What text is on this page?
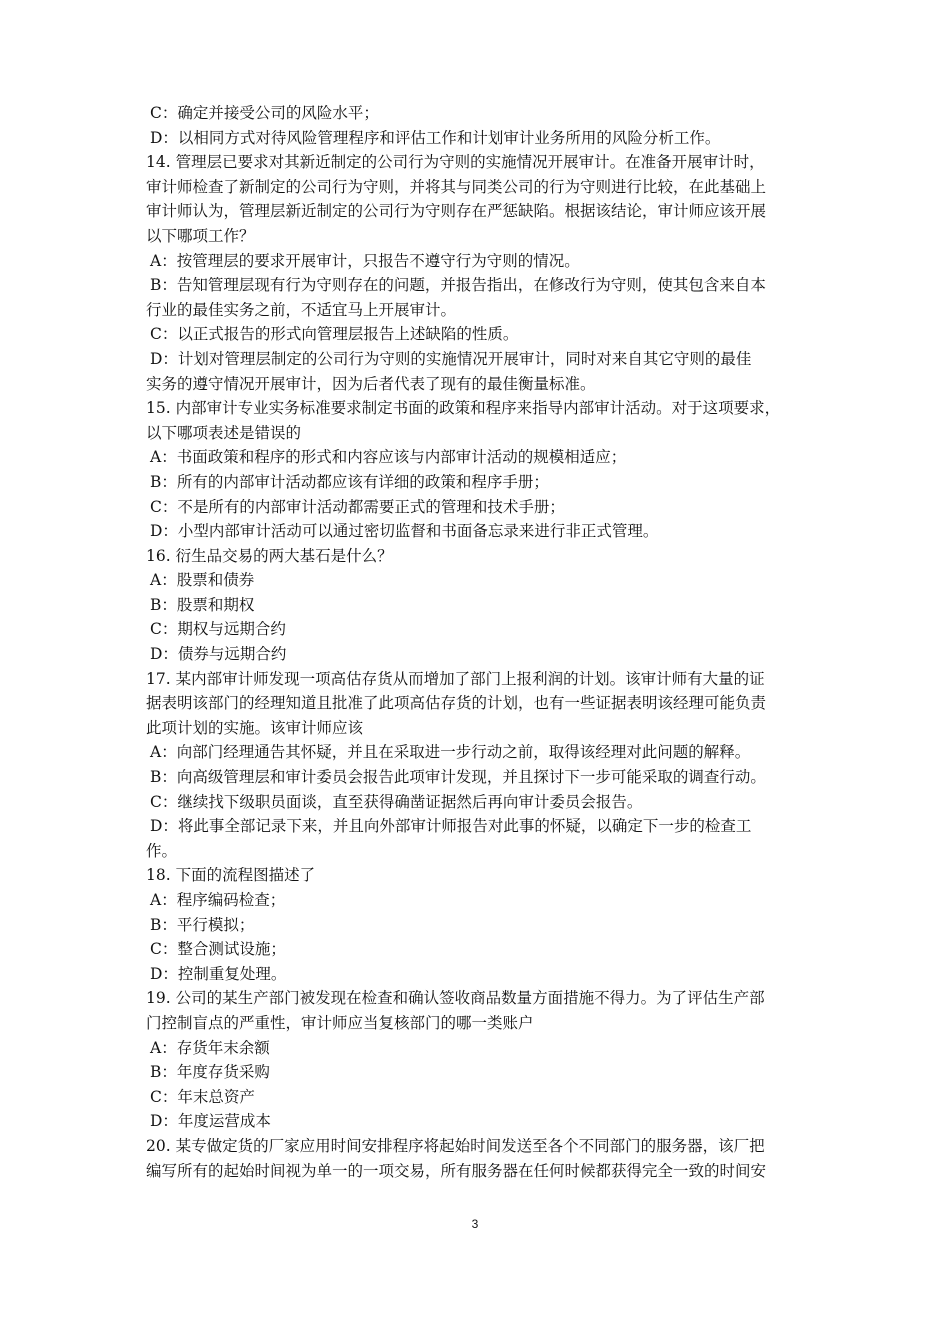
C：确定并接受公司的风险水平；
D：以相同方式对待风险管理程序和评估工作和计划审计业务所用的风险分析工作。
14. 管理层已要求对其新近制定的公司行为守则的实施情况开展审计。在准备开展审计时，
审计师检查了新制定的公司行为守则，并将其与同类公司的行为守则进行比较，在此基础上
审计师认为，管理层新近制定的公司行为守则存在严惩缺陷。根据该结论，审计师应该开展
以下哪项工作？
A：按管理层的要求开展审计，只报告不遵守行为守则的情况。
B：告知管理层现有行为守则存在的问题，并报告指出，在修改行为守则，使其包含来自本
行业的最佳实务之前，不适宜马上开展审计。
C：以正式报告的形式向管理层报告上述缺陷的性质。
D：计划对管理层制定的公司行为守则的实施情况开展审计，同时对来自其它守则的最佳
实务的遵守情况开展审计，因为后者代表了现有的最佳衡量标准。
15. 内部审计专业实务标准要求制定书面的政策和程序来指导内部审计活动。对于这项要求，
以下哪项表述是错误的
A：书面政策和程序的形式和内容应该与内部审计活动的规模相适应；
B：所有的内部审计活动都应该有详细的政策和程序手册；
C：不是所有的内部审计活动都需要正式的管理和技术手册；
D：小型内部审计活动可以通过密切监督和书面备忘录来进行非正式管理。
16. 衍生品交易的两大基石是什么？
A：股票和债券
B：股票和期权
C：期权与远期合约
D：债券与远期合约
17. 某内部审计师发现一项高估存货从而增加了部门上报利润的计划。该审计师有大量的证
据表明该部门的经理知道且批准了此项高估存货的计划，也有一些证据表明该经理可能负责
此项计划的实施。该审计师应该
A：向部门经理通告其怀疑，并且在采取进一步行动之前，取得该经理对此问题的解释。
B：向高级管理层和审计委员会报告此项审计发现，并且探讨下一步可能采取的调查行动。
C：继续找下级职员面谈，直至获得确凿证据然后再向审计委员会报告。
D：将此事全部记录下来，并且向外部审计师报告对此事的怀疑，以确定下一步的检查工
作。
18. 下面的流程图描述了
A：程序编码检查；
B：平行模拟；
C：整合测试设施；
D：控制重复处理。
19. 公司的某生产部门被发现在检查和确认签收商品数量方面措施不得力。为了评估生产部
门控制盲点的严重性，审计师应当复核部门的哪一类账户
A：存货年末余额
B：年度存货采购
C：年末总资产
D：年度运营成本
20. 某专做定货的厂家应用时间安排程序将起始时间发送至各个不同部门的服务器，该厂把
编写所有的起始时间视为单一的一项交易，所有服务器在任何时候都获得完全一致的时间安
3
